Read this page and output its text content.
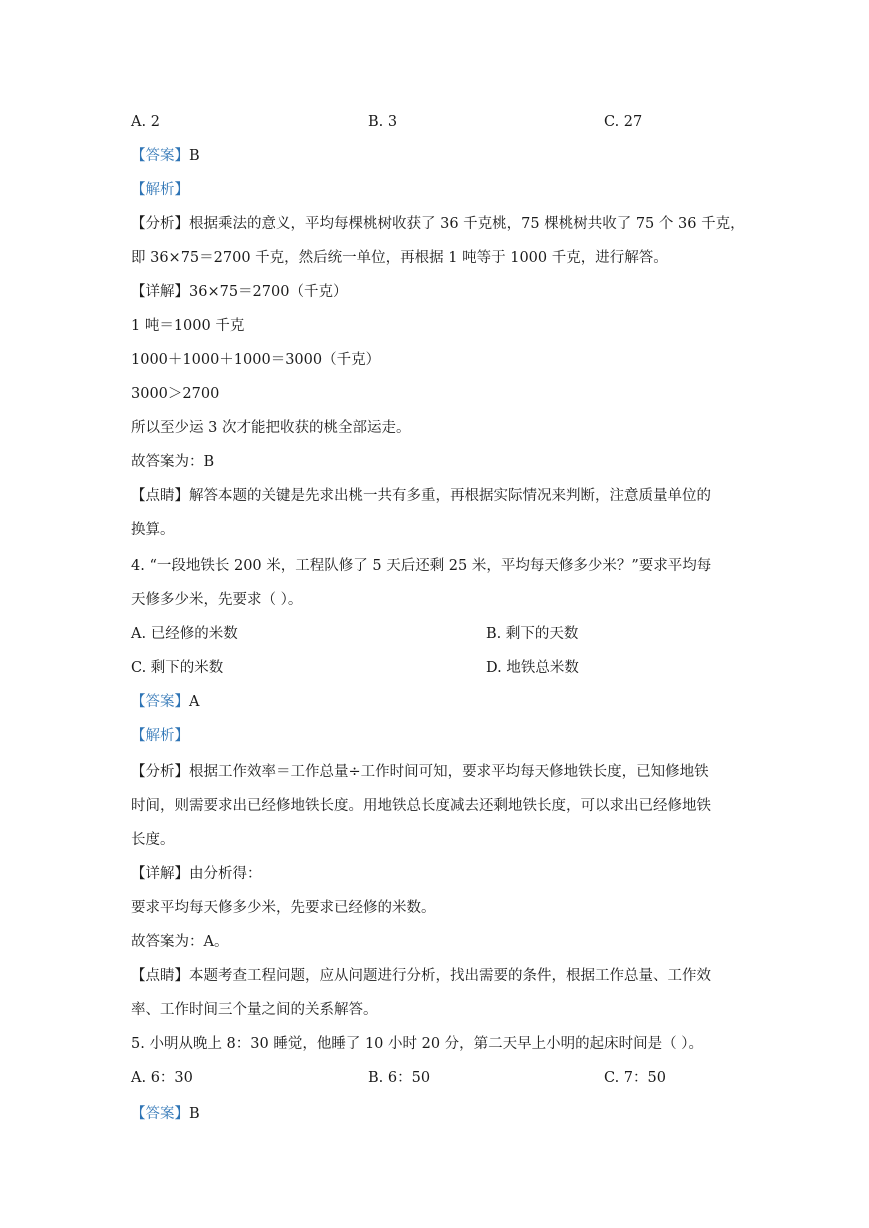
A. 2	B. 3	C. 27
【答案】B
【解析】
【分析】根据乘法的意义，平均每棵桃树收获了 36 千克桃，75 棵桃树共收了 75 个 36 千克，
即 36×75＝2700 千克，然后统一单位，再根据 1 吨等于 1000 千克，进行解答。
【详解】36×75＝2700（千克）
1 吨＝1000 千克
1000＋1000＋1000＝3000（千克）
3000＞2700
所以至少运 3 次才能把收获的桃全部运走。
故答案为：B
【点睛】解答本题的关键是先求出桃一共有多重，再根据实际情况来判断，注意质量单位的
换算。
4. “一段地铁长 200 米，工程队修了 5 天后还剩 25 米，平均每天修多少米？”要求平均每
天修多少米，先要求（ ）。
A. 已经修的米数	B. 剩下的天数
C. 剩下的米数	D. 地铁总米数
【答案】A
【解析】
【分析】根据工作效率＝工作总量÷工作时间可知，要求平均每天修地铁长度，已知修地铁
时间，则需要求出已经修地铁长度。用地铁总长度减去还剩地铁长度，可以求出已经修地铁
长度。
【详解】由分析得：
要求平均每天修多少米，先要求已经修的米数。
故答案为：A。
【点睛】本题考查工程问题，应从问题进行分析，找出需要的条件，根据工作总量、工作效
率、工作时间三个量之间的关系解答。
5. 小明从晚上 8：30 睡觉，他睡了 10 小时 20 分，第二天早上小明的起床时间是（ ）。
A. 6：30	B. 6：50	C. 7：50
【答案】B
